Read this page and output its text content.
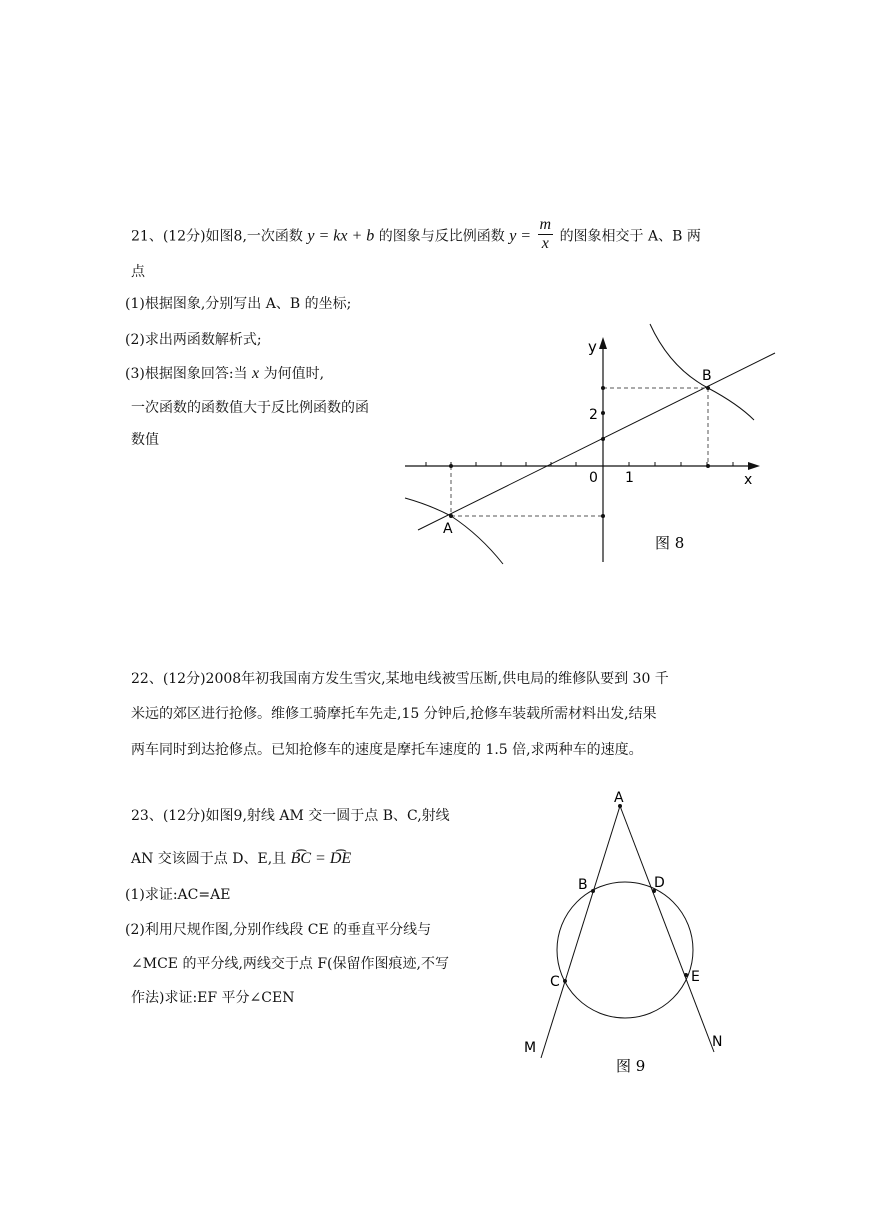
21、(12分)如图8,一次函数 y = kx + b 的图象与反比例函数 $y = \frac{m}{x}$ 的图象相交于 A、B 两
点
(1)根据图象,分别写出 A、B 的坐标;
(2)求出两函数解析式;
(3)根据图象回答:当 x 为何值时,
一次函数的函数值大于反比例函数的函
数值
y
x
2
0 1
B
A
图 8
22、(12分)2008年初我国南方发生雪灾,某地电线被雪压断,供电局的维修队要到 30 千
米远的郊区进行抢修。维修工骑摩托车先走,15 分钟后,抢修车装载所需材料出发,结果
两车同时到达抢修点。已知抢修车的速度是摩托车速度的 1.5 倍,求两种车的速度。
23、(12分)如图9,射线 AM 交一圆于点 B、C,射线
AN 交该圆于点 D、E,且 B͡C = D͡E
(1)求证:AC=AE
(2)利用尺规作图,分别作线段 CE 的垂直平分线与
∠MCE 的平分线,两线交于点 F(保留作图痕迹,不写
作法)求证:EF 平分∠CEN
A
B	D
C	E
M	N
图 9
